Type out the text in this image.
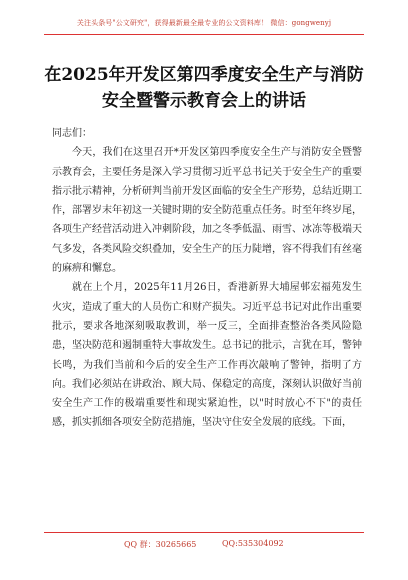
关注头条号"公文研究"，获得最新最全最专业的公文资料库！ 微信：gongwenyj
在2025年开发区第四季度安全生产与消防安全暨警示教育会上的讲话
同志们：

今天，我们在这里召开*开发区第四季度安全生产与消防安全暨警示教育会，主要任务是深入学习贯彻习近平总书记关于安全生产的重要指示批示精神，分析研判当前开发区面临的安全生产形势，总结近期工作，部署岁末年初这一关键时期的安全防范重点任务。时至年终岁尾，各项生产经营活动进入冲刺阶段，加之冬季低温、雨雪、冰冻等极端天气多发，各类风险交织叠加，安全生产的压力陡增，容不得我们有丝毫的麻痹和懈怠。

就在上个月，2025年11月26日，香港新界大埔屋邨宏福苑发生火灾，造成了重大的人员伤亡和财产损失。习近平总书记对此作出重要批示，要求各地深刻吸取教训，举一反三，全面排查整治各类风险隐患，坚决防范和遏制重特大事故发生。总书记的批示，言犹在耳，警钟长鸣，为我们当前和今后的安全生产工作再次敲响了警钟，指明了方向。我们必须站在讲政治、顾大局、保稳定的高度，深刻认识做好当前安全生产工作的极端重要性和现实紧迫性，以"时时放心不下"的责任感，抓实抓细各项安全防范措施，坚决守住安全发展的底线。下面，

QQ 群：30265665	QQ:535304092
